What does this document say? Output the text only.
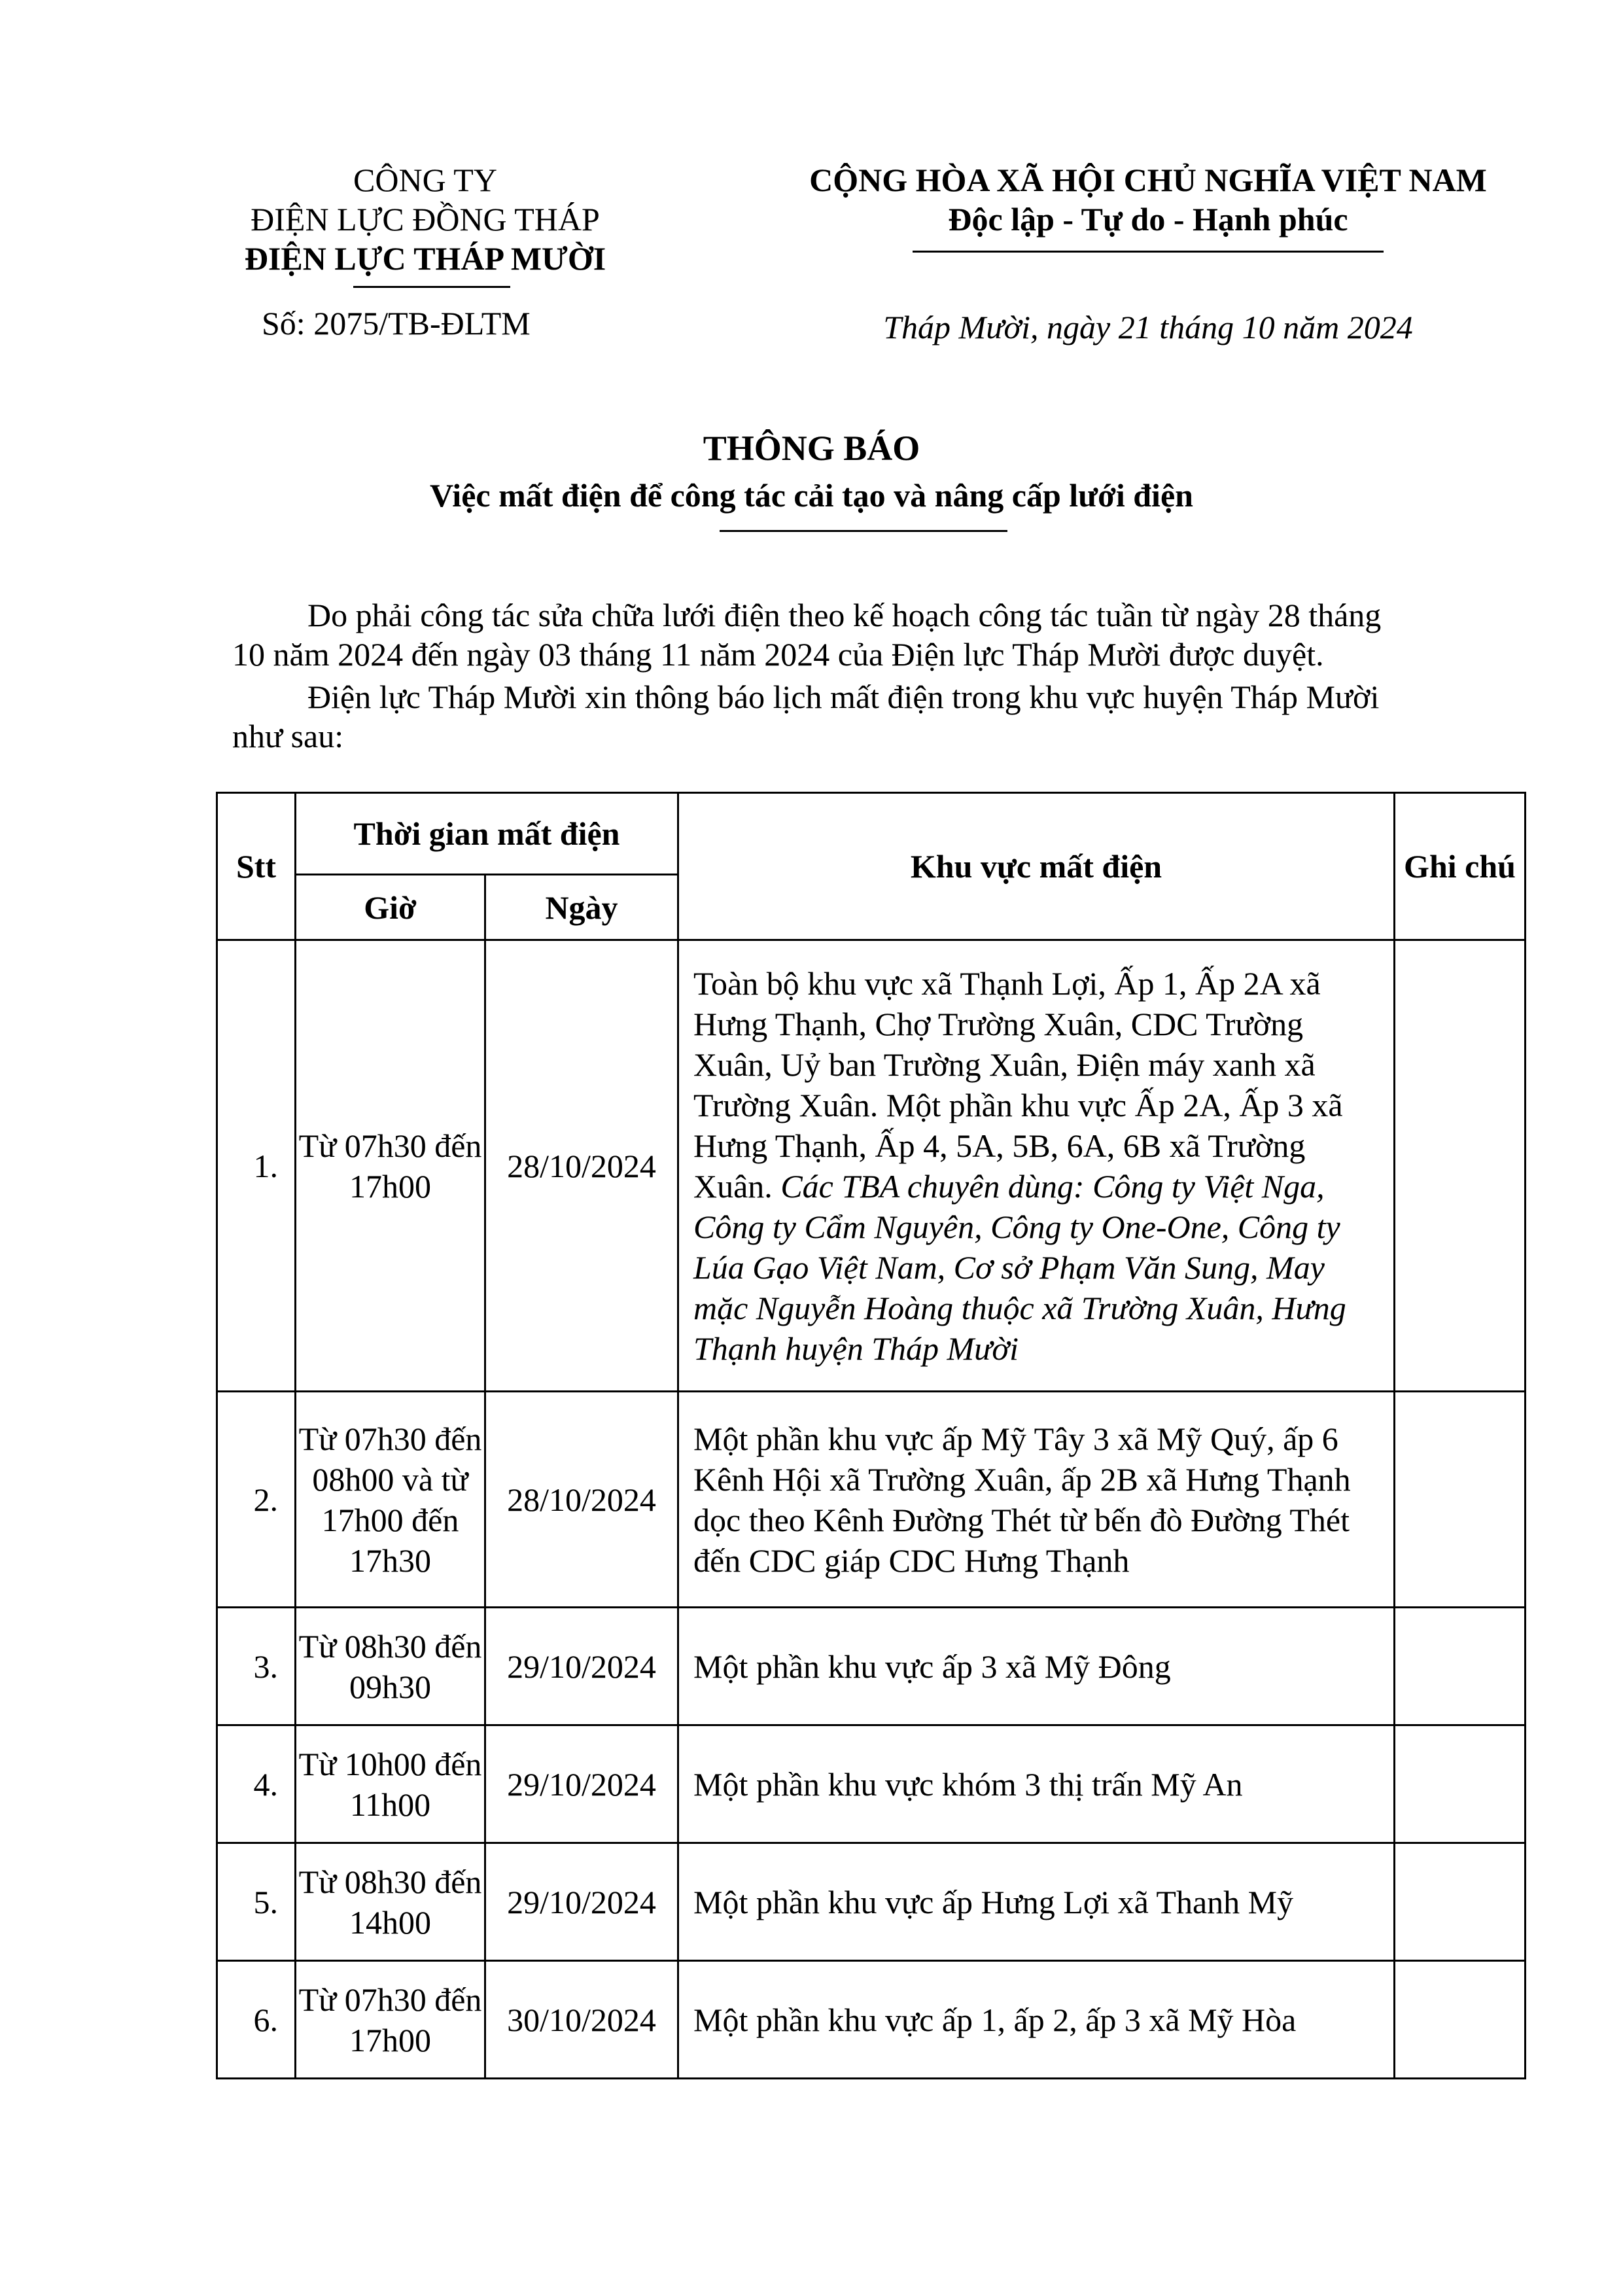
CÔNG TY
ĐIỆN LỰC ĐỒNG THÁP
ĐIỆN LỰC THÁP MƯỜI
Số: 2075/TB-ĐLTM
CỘNG HÒA XÃ HỘI CHỦ NGHĨA VIỆT NAM
Độc lập - Tự do - Hạnh phúc
Tháp Mười, ngày 21 tháng 10 năm 2024
THÔNG BÁO
Việc mất điện để công tác cải tạo và nâng cấp lưới điện
Do phải công tác sửa chữa lưới điện theo kế hoạch công tác tuần từ ngày 28 tháng
10 năm 2024 đến ngày 03 tháng 11 năm 2024 của Điện lực Tháp Mười được duyệt.
Điện lực Tháp Mười xin thông báo lịch mất điện trong khu vực huyện Tháp Mười
như sau:
Stt	Thời gian mất điện		Khu vực mất điện	Ghi chú
	Giờ	Ngày		
1.	Từ 07h30 đến 17h00	28/10/2024	Toàn bộ khu vực xã Thạnh Lợi, Ấp 1, Ấp 2A xã Hưng Thạnh, Chợ Trường Xuân, CDC Trường Xuân, Uỷ ban Trường Xuân, Điện máy xanh xã Trường Xuân. Một phần khu vực Ấp 2A, Ấp 3 xã Hưng Thạnh, Ấp 4, 5A, 5B, 6A, 6B xã Trường Xuân. Các TBA chuyên dùng: Công ty Việt Nga, Công ty Cẩm Nguyên, Công ty One-One, Công ty Lúa Gạo Việt Nam, Cơ sở Phạm Văn Sung, May mặc Nguyễn Hoàng thuộc xã Trường Xuân, Hưng Thạnh huyện Tháp Mười	
2.	Từ 07h30 đến 08h00 và từ 17h00 đến 17h30	28/10/2024	Một phần khu vực ấp Mỹ Tây 3 xã Mỹ Quý, ấp 6 Kênh Hội xã Trường Xuân, ấp 2B xã Hưng Thạnh dọc theo Kênh Đường Thét từ bến đò Đường Thét đến CDC giáp CDC Hưng Thạnh	
3.	Từ 08h30 đến 09h30	29/10/2024	Một phần khu vực ấp 3 xã Mỹ Đông	
4.	Từ 10h00 đến 11h00	29/10/2024	Một phần khu vực khóm 3 thị trấn Mỹ An	
5.	Từ 08h30 đến 14h00	29/10/2024	Một phần khu vực ấp Hưng Lợi xã Thanh Mỹ	
6.	Từ 07h30 đến 17h00	30/10/2024	Một phần khu vực ấp 1, ấp 2, ấp 3 xã Mỹ Hòa	
